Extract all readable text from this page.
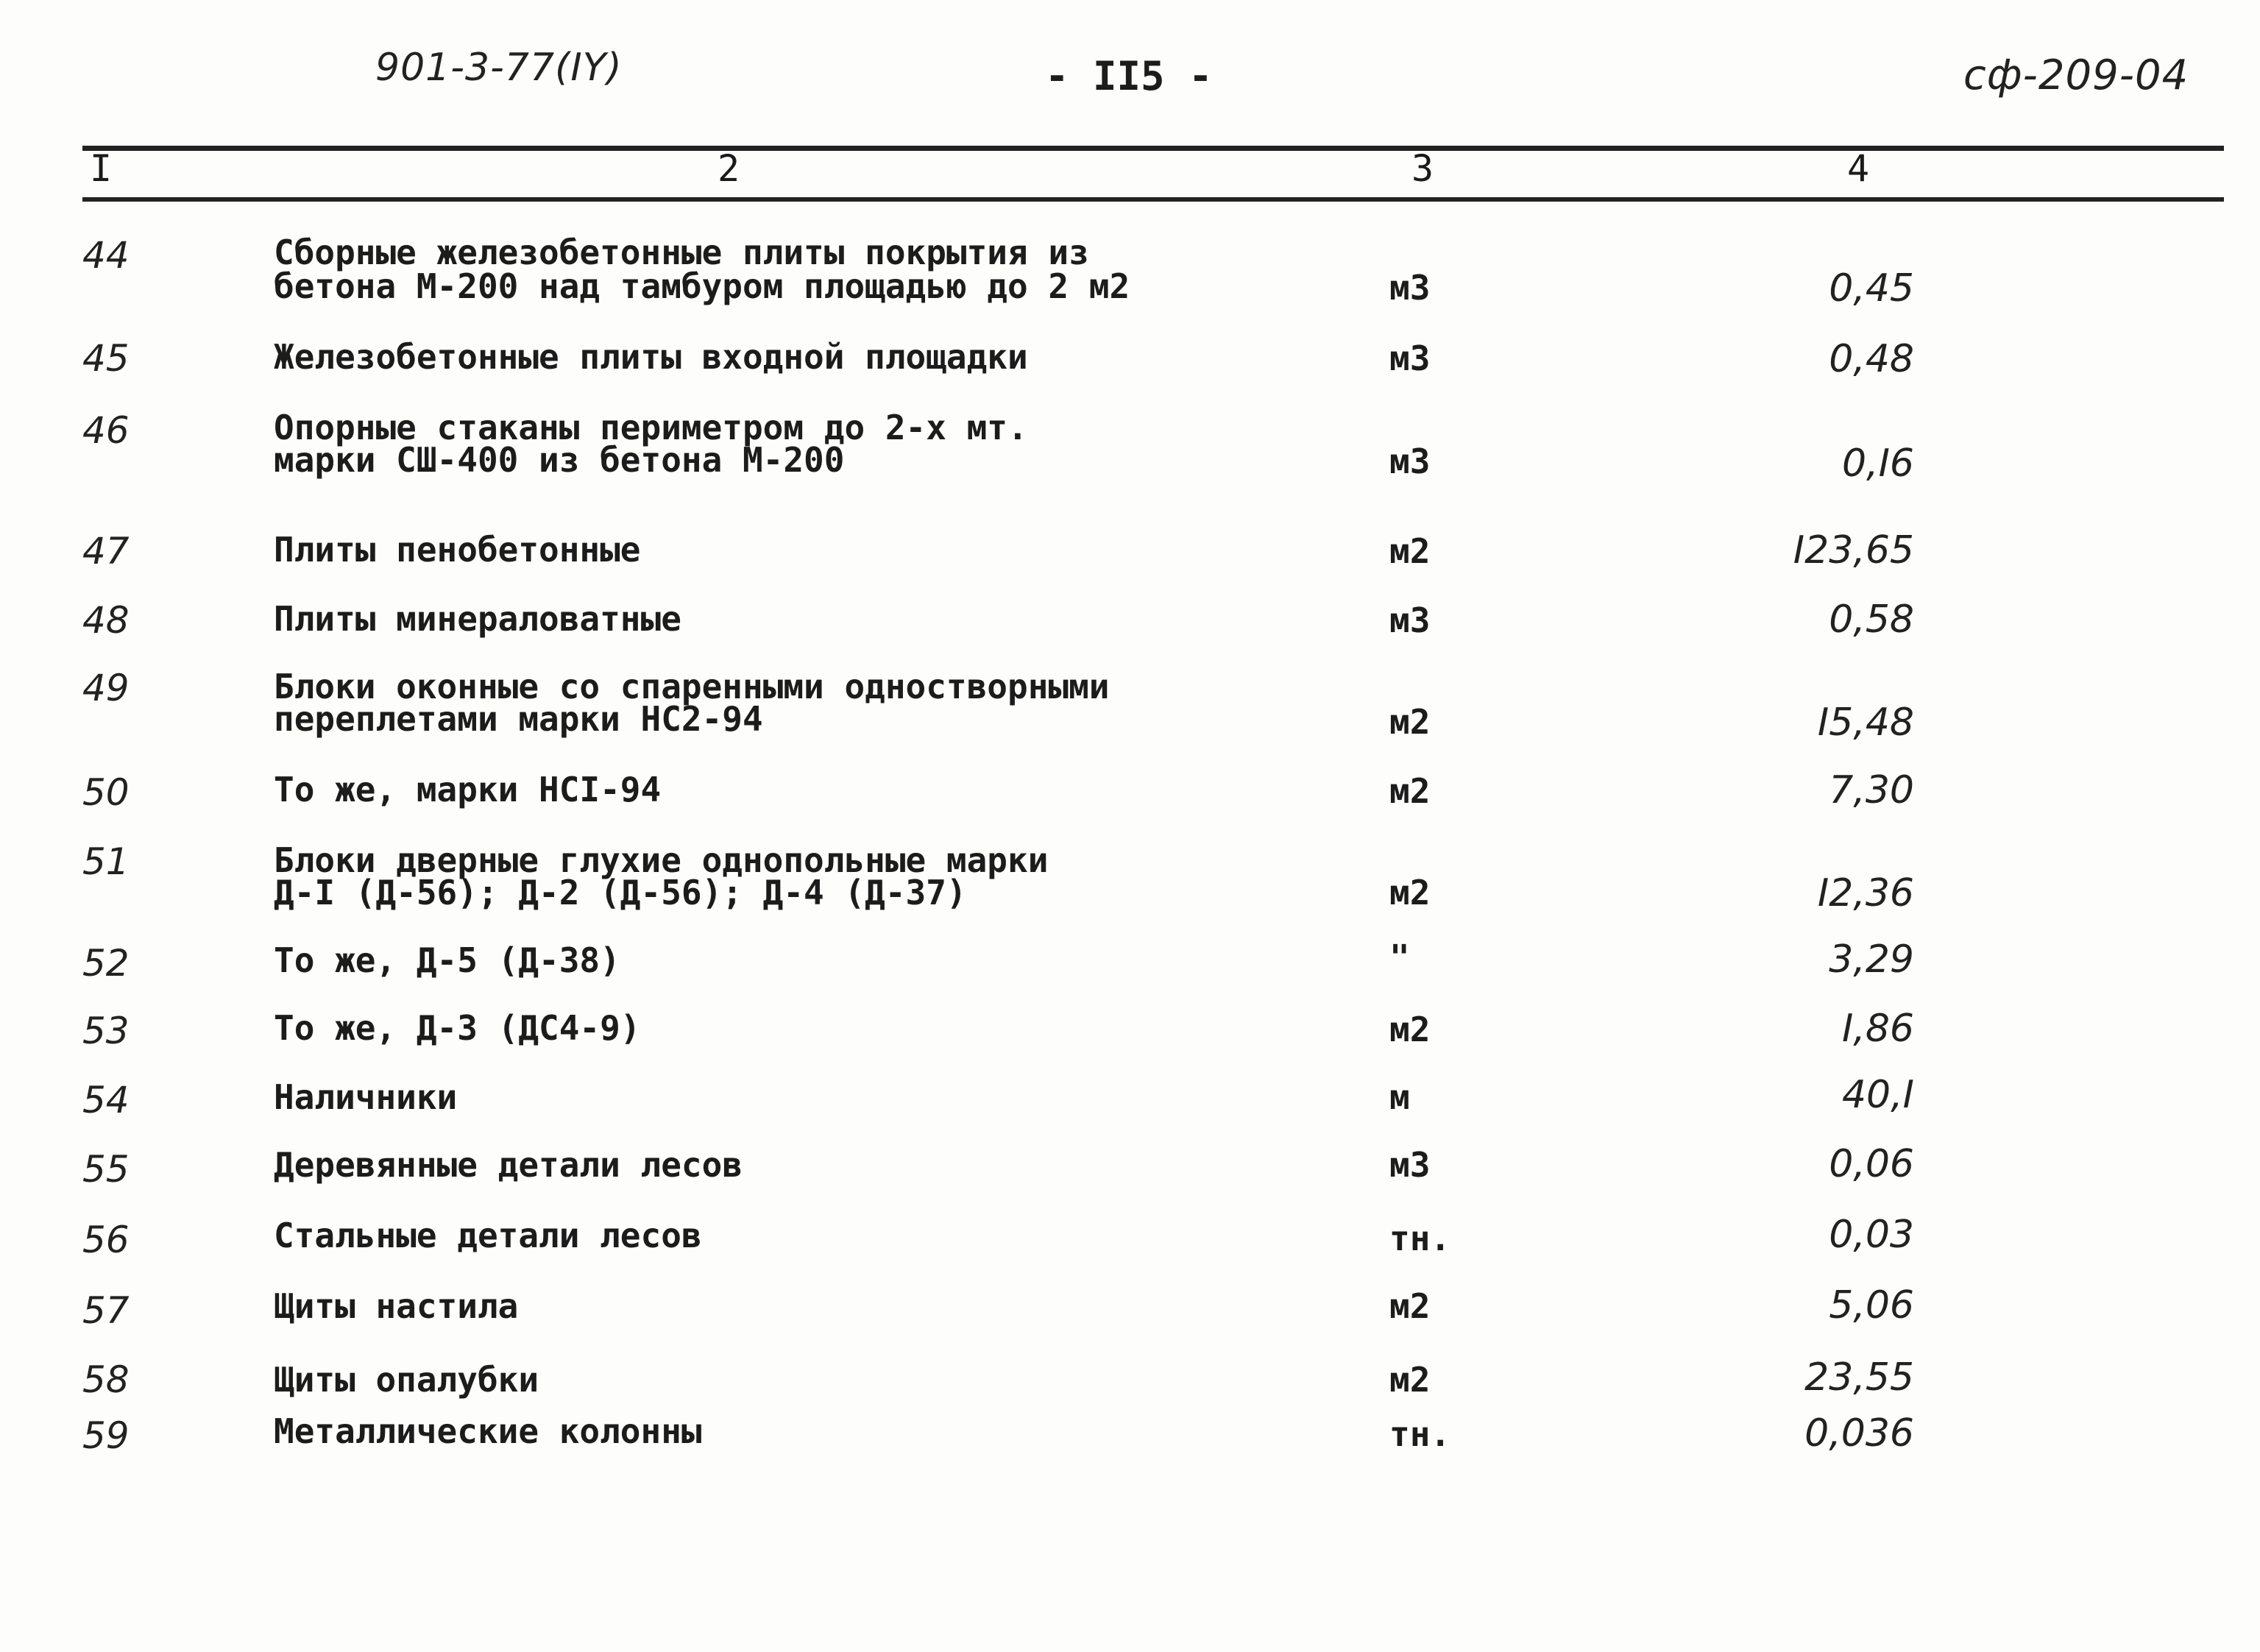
901-3-77(IY)	- II5 -	сф-209-04
I	2	3	4
44	Сборные железобетонные плиты покрытия из
бетона М-200 над тамбуром площадью до 2 м2	м3	0,45
45	Железобетонные плиты входной площадки	м3	0,48
46	Опорные стаканы периметром до 2-х мт.
марки СШ-400 из бетона М-200	м3	0,I6
47	Плиты пенобетонные	м2	I23,65
48	Плиты минераловатные	м3	0,58
49	Блоки оконные со спаренными одностворными
переплетами марки НС2-94	м2	I5,48
50	То же, марки НСI-94	м2	7,30
51	Блоки дверные глухие однопольные марки
Д-I (Д-56); Д-2 (Д-56); Д-4 (Д-37)	м2	I2,36
52	То же, Д-5 (Д-38)	"	3,29
53	То же, Д-3 (ДС4-9)	м2	I,86
54	Наличники	м	40,I
55	Деревянные детали лесов	м3	0,06
56	Стальные детали лесов	тн.	0,03
57	Щиты настила	м2	5,06
58	Щиты опалубки	м2	23,55
59	Металлические колонны	тн.	0,036
